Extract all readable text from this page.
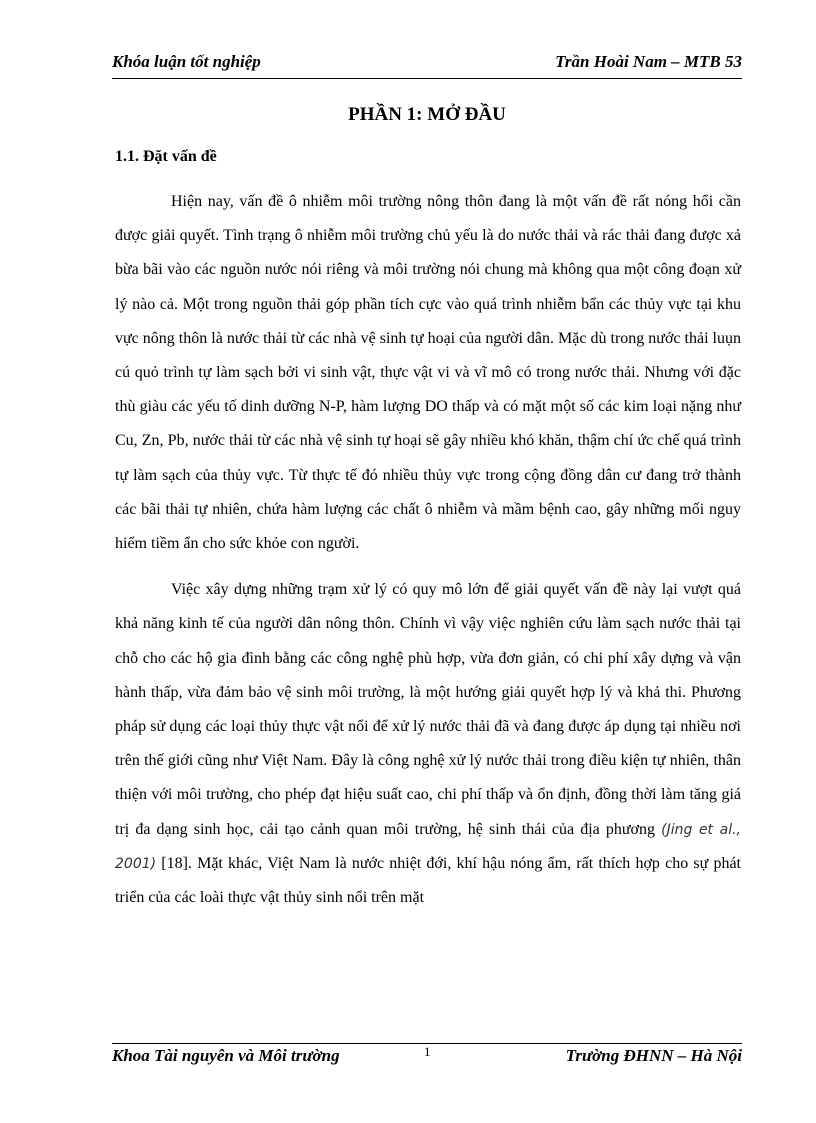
Khóa luận tốt nghiệp	Trần Hoài Nam – MTB 53
PHẦN 1: MỞ ĐẦU
1.1. Đặt vấn đề

Hiện nay, vấn đề ô nhiễm môi trường nông thôn đang là một vấn đề rất nóng hổi cần được giải quyết. Tình trạng ô nhiễm môi trường chủ yếu là do nước thải và rác thải đang được xả bừa bãi vào các nguồn nước nói riêng và môi trường nói chung mà không qua một công đoạn xử lý nào cả. Một trong nguồn thải góp phần tích cực vào quá trình nhiễm bẩn các thủy vực tại khu vực nông thôn là nước thải từ các nhà vệ sinh tự hoại của người dân. Mặc dù trong nước thải luụn cú quỏ trình tự làm sạch bởi vi sinh vật, thực vật vi và vĩ mô có trong nước thải. Nhưng với đặc thù giàu các yếu tố dinh dưỡng N-P, hàm lượng DO thấp và có mặt một số các kim loại nặng như Cu, Zn, Pb, nước thải từ các nhà vệ sinh tự hoại sẽ gây nhiều khó khăn, thậm chí ức chế quá trình tự làm sạch của thủy vực. Từ thực tế đó nhiều thủy vực trong cộng đồng dân cư đang trở thành các bãi thải tự nhiên, chứa hàm lượng các chất ô nhiễm và mầm bệnh cao, gây những mối nguy hiểm tiềm ẩn cho sức khỏe con người.

Việc xây dựng những trạm xử lý có quy mô lớn để giải quyết vấn đề này lại vượt quá khả năng kinh tế của người dân nông thôn. Chính vì vậy việc nghiên cứu làm sạch nước thải tại chỗ cho các hộ gia đình bằng các công nghệ phù hợp, vừa đơn giản, có chi phí xây dựng và vận hành thấp, vừa đảm bảo vệ sinh môi trường, là một hướng giải quyết hợp lý và khả thi. Phương pháp sử dụng các loại thủy thực vật nổi để xử lý nước thải đã và đang được áp dụng tại nhiều nơi trên thế giới cũng như Việt Nam. Đây là công nghệ xử lý nước thải trong điều kiện tự nhiên, thân thiện với môi trường, cho phép đạt hiệu suất cao, chi phí thấp và ổn định, đồng thời làm tăng giá trị đa dạng sinh học, cải tạo cảnh quan môi trường, hệ sinh thái của địa phương (Jing et al., 2001) [18]. Mặt khác, Việt Nam là nước nhiệt đới, khí hậu nóng ẩm, rất thích hợp cho sự phát triển của các loài thực vật thủy sinh nổi trên mặt

Khoa Tài nguyên và Môi trường	1	Trường ĐHNN – Hà Nội
